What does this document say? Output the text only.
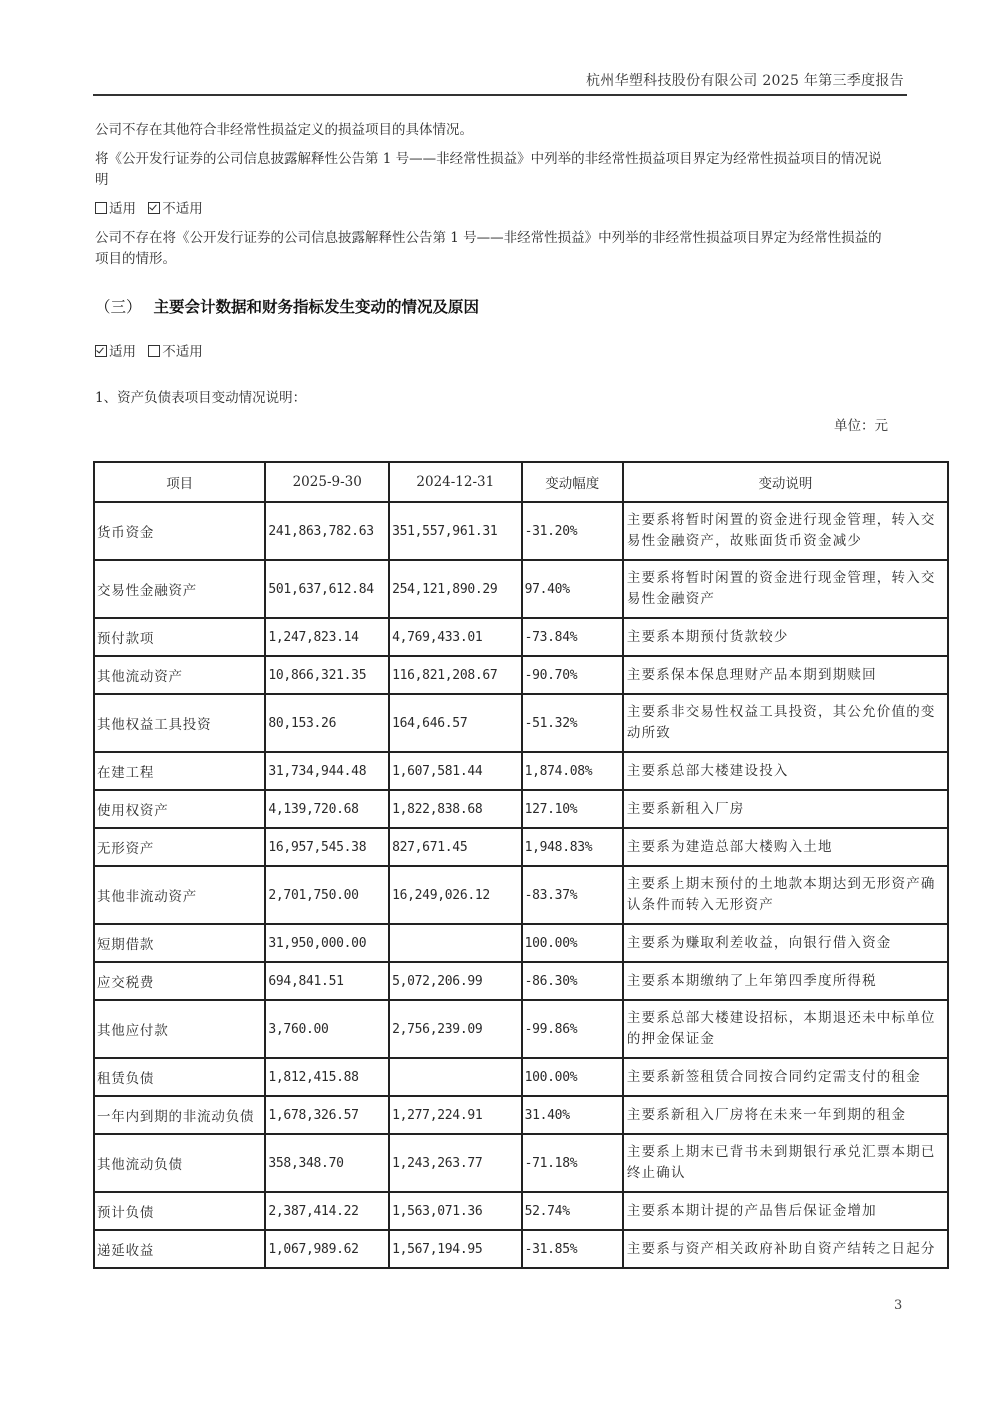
杭州华塑科技股份有限公司 2025 年第三季度报告
公司不存在其他符合非经常性损益定义的损益项目的具体情况。
将《公开发行证券的公司信息披露解释性公告第 1 号——非经常性损益》中列举的非经常性损益项目界定为经常性损益项目的情况说明
适用 不适用
公司不存在将《公开发行证券的公司信息披露解释性公告第 1 号——非经常性损益》中列举的非经常性损益项目界定为经常性损益的项目的情形。
（三） 主要会计数据和财务指标发生变动的情况及原因
适用 不适用
1、资产负债表项目变动情况说明：
单位：元
项目	2025-9-30	2024-12-31	变动幅度	变动说明
货币资金	241,863,782.63	351,557,961.31	-31.20%	主要系将暂时闲置的资金进行现金管理，转入交易性金融资产，故账面货币资金减少
交易性金融资产	501,637,612.84	254,121,890.29	97.40%	主要系将暂时闲置的资金进行现金管理，转入交易性金融资产
预付款项	1,247,823.14	4,769,433.01	-73.84%	主要系本期预付货款较少
其他流动资产	10,866,321.35	116,821,208.67	-90.70%	主要系保本保息理财产品本期到期赎回
其他权益工具投资	80,153.26	164,646.57	-51.32%	主要系非交易性权益工具投资，其公允价值的变动所致
在建工程	31,734,944.48	1,607,581.44	1,874.08%	主要系总部大楼建设投入
使用权资产	4,139,720.68	1,822,838.68	127.10%	主要系新租入厂房
无形资产	16,957,545.38	827,671.45	1,948.83%	主要系为建造总部大楼购入土地
其他非流动资产	2,701,750.00	16,249,026.12	-83.37%	主要系上期末预付的土地款本期达到无形资产确认条件而转入无形资产
短期借款	31,950,000.00		100.00%	主要系为赚取利差收益，向银行借入资金
应交税费	694,841.51	5,072,206.99	-86.30%	主要系本期缴纳了上年第四季度所得税
其他应付款	3,760.00	2,756,239.09	-99.86%	主要系总部大楼建设招标，本期退还未中标单位的押金保证金
租赁负债	1,812,415.88		100.00%	主要系新签租赁合同按合同约定需支付的租金
一年内到期的非流动负债	1,678,326.57	1,277,224.91	31.40%	主要系新租入厂房将在未来一年到期的租金
其他流动负债	358,348.70	1,243,263.77	-71.18%	主要系上期末已背书未到期银行承兑汇票本期已终止确认
预计负债	2,387,414.22	1,563,071.36	52.74%	主要系本期计提的产品售后保证金增加
递延收益	1,067,989.62	1,567,194.95	-31.85%	主要系与资产相关政府补助自资产结转之日起分
3
